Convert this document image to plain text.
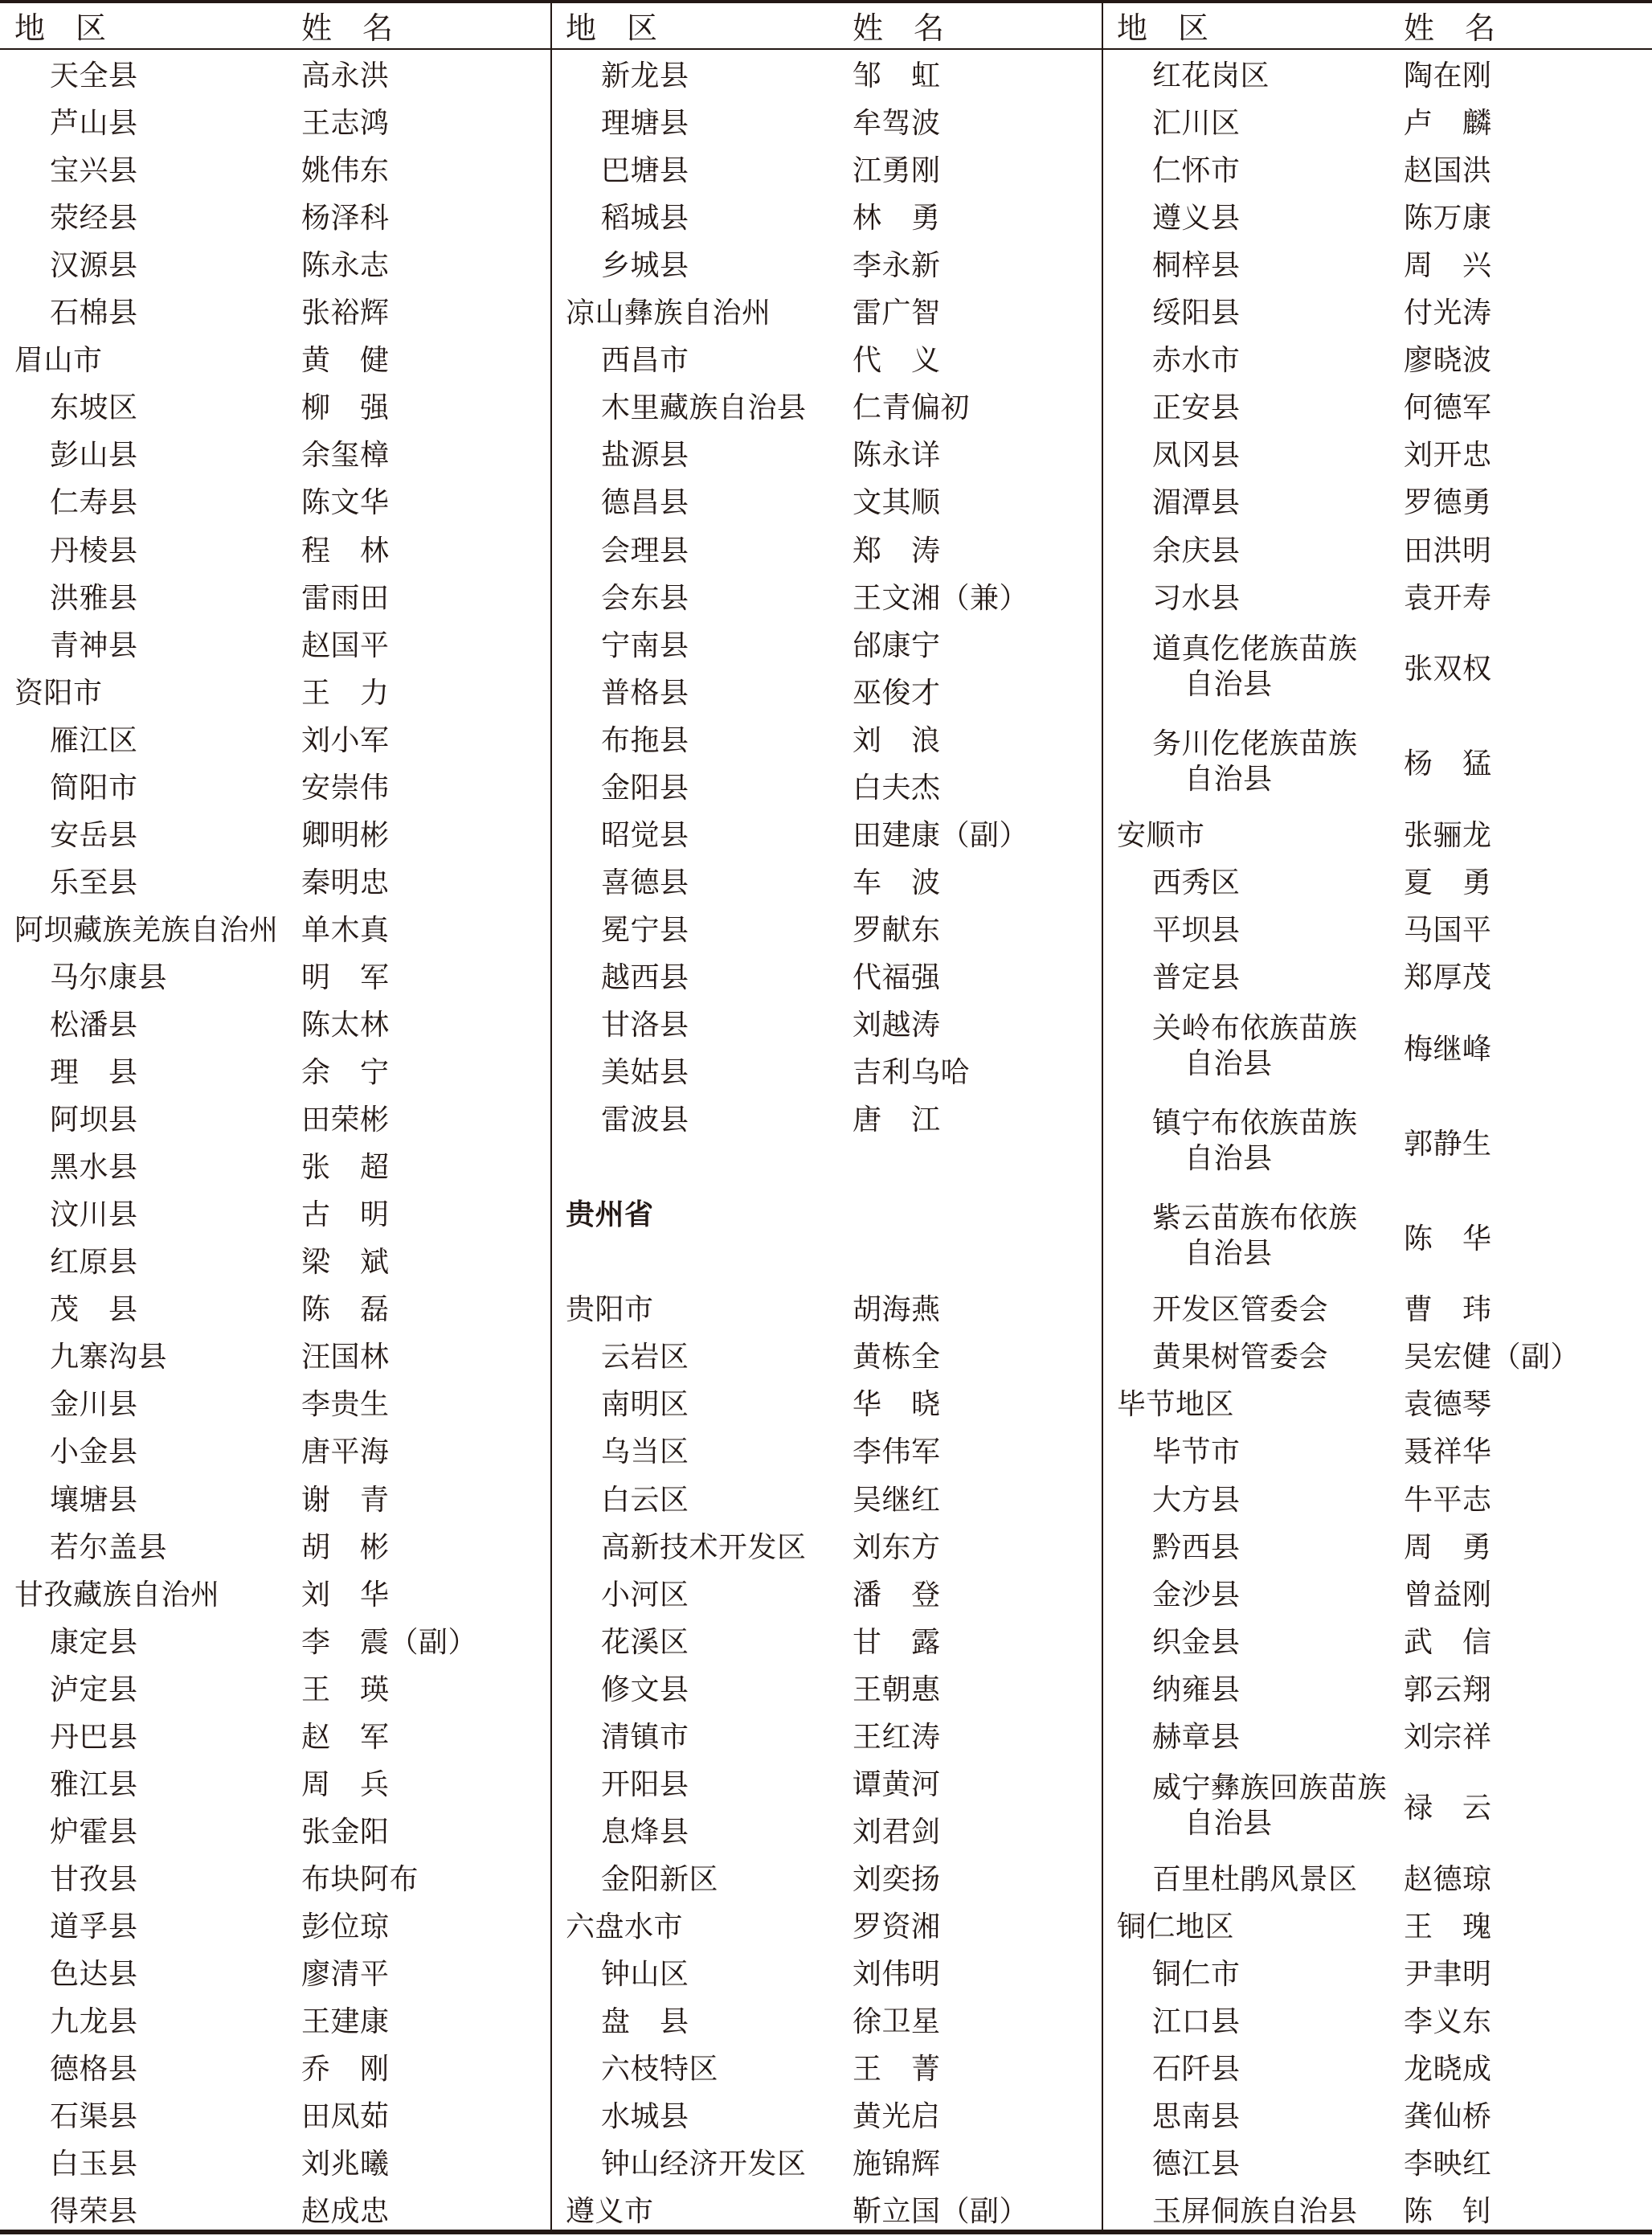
地　区	姓　名
天全县	高永洪
芦山县	王志鸿
宝兴县	姚伟东
荥经县	杨泽科
汉源县	陈永志
石棉县	张裕辉
眉山市	黄　健
东坡区	柳　强
彭山县	余玺樟
仁寿县	陈文华
丹棱县	程　林
洪雅县	雷雨田
青神县	赵国平
资阳市	王　力
雁江区	刘小军
简阳市	安崇伟
安岳县	卿明彬
乐至县	秦明忠
阿坝藏族羌族自治州 单木真
马尔康县	明　军
松潘县	陈太林
理　县	余　宁
阿坝县	田荣彬
黑水县	张　超
汶川县	古　明
红原县	梁　斌
茂　县	陈　磊
九寨沟县	汪国林
金川县	李贵生
小金县	唐平海
壤塘县	谢　青
若尔盖县	胡　彬
甘孜藏族自治州	刘　华
康定县	李　震（副）
泸定县	王　瑛
丹巴县	赵　军
雅江县	周　兵
炉霍县	张金阳
甘孜县	布块阿布
道孚县	彭位琼
色达县	廖清平
九龙县	王建康
德格县	乔　刚
石渠县	田凤茹
白玉县	刘兆曦
得荣县	赵成忠
地　区	姓　名
新龙县	邹　虹
理塘县	牟驾波
巴塘县	江勇刚
稻城县	林　勇
乡城县	李永新
凉山彝族自治州	雷广智
西昌市	代　义
木里藏族自治县 仁青偏初
盐源县	陈永详
德昌县	文其顺
会理县	郑　涛
会东县	王文湘（兼）
宁南县	邰康宁
普格县	巫俊才
布拖县	刘　浪
金阳县	白夫杰
昭觉县	田建康（副）
喜德县	车　波
冕宁县	罗献东
越西县	代福强
甘洛县	刘越涛
美姑县	吉利乌哈
雷波县	唐　江
贵州省
贵阳市	胡海燕
云岩区	黄栋全
南明区	华　晓
乌当区	李伟军
白云区	吴继红
高新技术开发区 刘东方
小河区	潘　登
花溪区	甘　露
修文县	王朝惠
清镇市	王红涛
开阳县	谭黄河
息烽县	刘君剑
金阳新区	刘奕扬
六盘水市	罗资湘
钟山区	刘伟明
盘　县	徐卫星
六枝特区	王　菁
水城县	黄光启
钟山经济开发区 施锦辉
遵义市	靳立国（副）
地　区	姓　名
红花岗区	陶在刚
汇川区	卢　麟
仁怀市	赵国洪
遵义县	陈万康
桐梓县	周　兴
绥阳县	付光涛
赤水市	廖晓波
正安县	何德军
凤冈县	刘开忠
湄潭县	罗德勇
余庆县	田洪明
习水县	袁开寿
道真仡佬族苗族
自治县	张双权
务川仡佬族苗族
自治县	杨　猛
安顺市	张骊龙
西秀区	夏　勇
平坝县	马国平
普定县	郑厚茂
关岭布依族苗族
自治县	梅继峰
镇宁布依族苗族
自治县	郭静生
紫云苗族布依族
自治县	陈　华
开发区管委会	曹　玮
黄果树管委会	吴宏健（副）
毕节地区	袁德琴
毕节市	聂祥华
大方县	牛平志
黔西县	周　勇
金沙县	曾益刚
织金县	武　信
纳雍县	郭云翔
赫章县	刘宗祥
威宁彝族回族苗族
自治县	禄　云
百里杜鹃风景区 赵德琼
铜仁地区	王　瑰
铜仁市	尹聿明
江口县	李义东
石阡县	龙晓成
思南县	龚仙桥
德江县	李映红
玉屏侗族自治县 陈　钊
